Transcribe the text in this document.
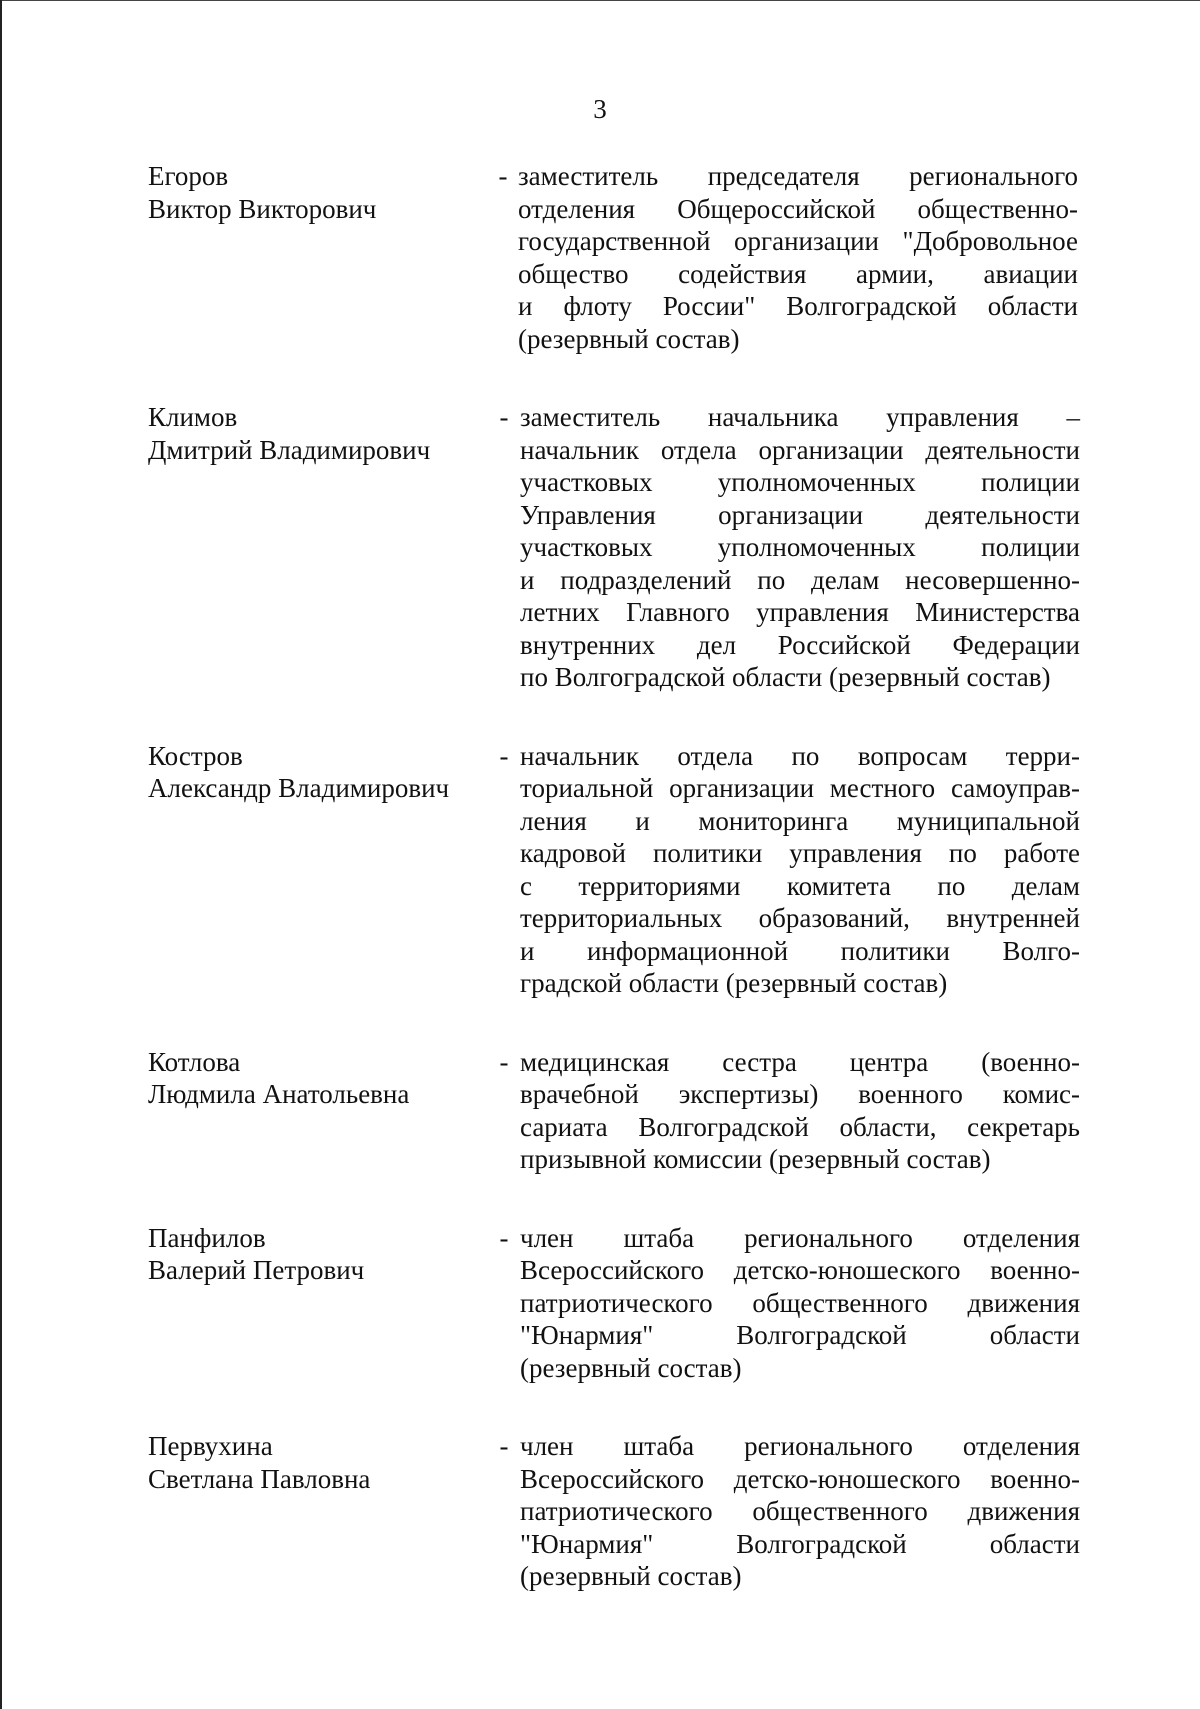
3
Егоров
Виктор Викторович
- заместитель председателя регионального
отделения Общероссийской общественно-
государственной организации "Добровольное
общество содействия армии, авиации
и флоту России" Волгоградской области
(резервный состав)
Климов
Дмитрий Владимирович
- заместитель начальника управления –
начальник отдела организации деятельности
участковых уполномоченных полиции
Управления организации деятельности
участковых уполномоченных полиции
и подразделений по делам несовершенно-
летних Главного управления Министерства
внутренних дел Российской Федерации
по Волгоградской области (резервный состав)
Костров
Александр Владимирович
- начальник отдела по вопросам терри-
ториальной организации местного самоуправ-
ления и мониторинга муниципальной
кадровой политики управления по работе
с территориями комитета по делам
территориальных образований, внутренней
и информационной политики Волго-
градской области (резервный состав)
Котлова
Людмила Анатольевна
- медицинская сестра центра (военно-
врачебной экспертизы) военного комис-
сариата Волгоградской области, секретарь
призывной комиссии (резервный состав)
Панфилов
Валерий Петрович
- член штаба регионального отделения
Всероссийского детско-юношеского военно-
патриотического общественного движения
"Юнармия" Волгоградской области
(резервный состав)
Первухина
Светлана Павловна
- член штаба регионального отделения
Всероссийского детско-юношеского военно-
патриотического общественного движения
"Юнармия" Волгоградской области
(резервный состав)
